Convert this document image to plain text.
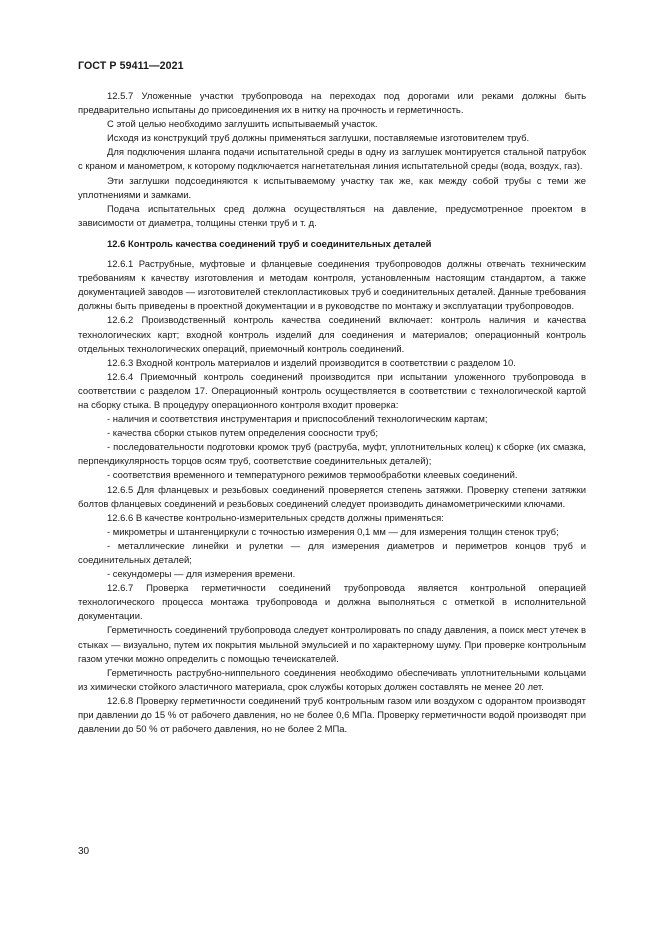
ГОСТ Р 59411—2021

12.5.7 Уложенные участки трубопровода на переходах под дорогами или реками должны быть предварительно испытаны до присоединения их в нитку на прочность и герметичность.

С этой целью необходимо заглушить испытываемый участок.

Исходя из конструкций труб должны применяться заглушки, поставляемые изготовителем труб.

Для подключения шланга подачи испытательной среды в одну из заглушек монтируется стальной патрубок с краном и манометром, к которому подключается нагнетательная линия испытательной среды (вода, воздух, газ).

Эти заглушки подсоединяются к испытываемому участку так же, как между собой трубы с теми же уплотнениями и замками.

Подача испытательных сред должна осуществляться на давление, предусмотренное проектом в зависимости от диаметра, толщины стенки труб и т. д.

12.6 Контроль качества соединений труб и соединительных деталей

12.6.1 Раструбные, муфтовые и фланцевые соединения трубопроводов должны отвечать техническим требованиям к качеству изготовления и методам контроля, установленным настоящим стандартом, а также документацией заводов — изготовителей стеклопластиковых труб и соединительных деталей. Данные требования должны быть приведены в проектной документации и в руководстве по монтажу и эксплуатации трубопроводов.

12.6.2 Производственный контроль качества соединений включает: контроль наличия и качества технологических карт; входной контроль изделий для соединения и материалов; операционный контроль отдельных технологических операций, приемочный контроль соединений.

12.6.3 Входной контроль материалов и изделий производится в соответствии с разделом 10.

12.6.4 Приемочный контроль соединений производится при испытании уложенного трубопровода в соответствии с разделом 17. Операционный контроль осуществляется в соответствии с технологической картой на сборку стыка. В процедуру операционного контроля входит проверка:

- наличия и соответствия инструментария и приспособлений технологическим картам;

- качества сборки стыков путем определения соосности труб;

- последовательности подготовки кромок труб (раструба, муфт, уплотнительных колец) к сборке (их смазка, перпендикулярность торцов осям труб, соответствие соединительных деталей);

- соответствия временного и температурного режимов термообработки клеевых соединений.

12.6.5 Для фланцевых и резьбовых соединений проверяется степень затяжки. Проверку степени затяжки болтов фланцевых соединений и резьбовых соединений следует производить динамометрическими ключами.

12.6.6 В качестве контрольно-измерительных средств должны применяться:

- микрометры и штангенциркули с точностью измерения 0,1 мм — для измерения толщин стенок труб;

- металлические линейки и рулетки — для измерения диаметров и периметров концов труб и соединительных деталей;

- секундомеры — для измерения времени.

12.6.7 Проверка герметичности соединений трубопровода является контрольной операцией технологического процесса монтажа трубопровода и должна выполняться с отметкой в исполнительной документации.

Герметичность соединений трубопровода следует контролировать по спаду давления, а поиск мест утечек в стыках — визуально, путем их покрытия мыльной эмульсией и по характерному шуму. При проверке контрольным газом утечки можно определить с помощью течеискателей.

Герметичность раструбно-ниппельного соединения необходимо обеспечивать уплотнительными кольцами из химически стойкого эластичного материала, срок службы которых должен составлять не менее 20 лет.

12.6.8 Проверку герметичности соединений труб контрольным газом или воздухом с одорантом производят при давлении до 15 % от рабочего давления, но не более 0,6 МПа. Проверку герметичности водой производят при давлении до 50 % от рабочего давления, но не более 2 МПа.

30
